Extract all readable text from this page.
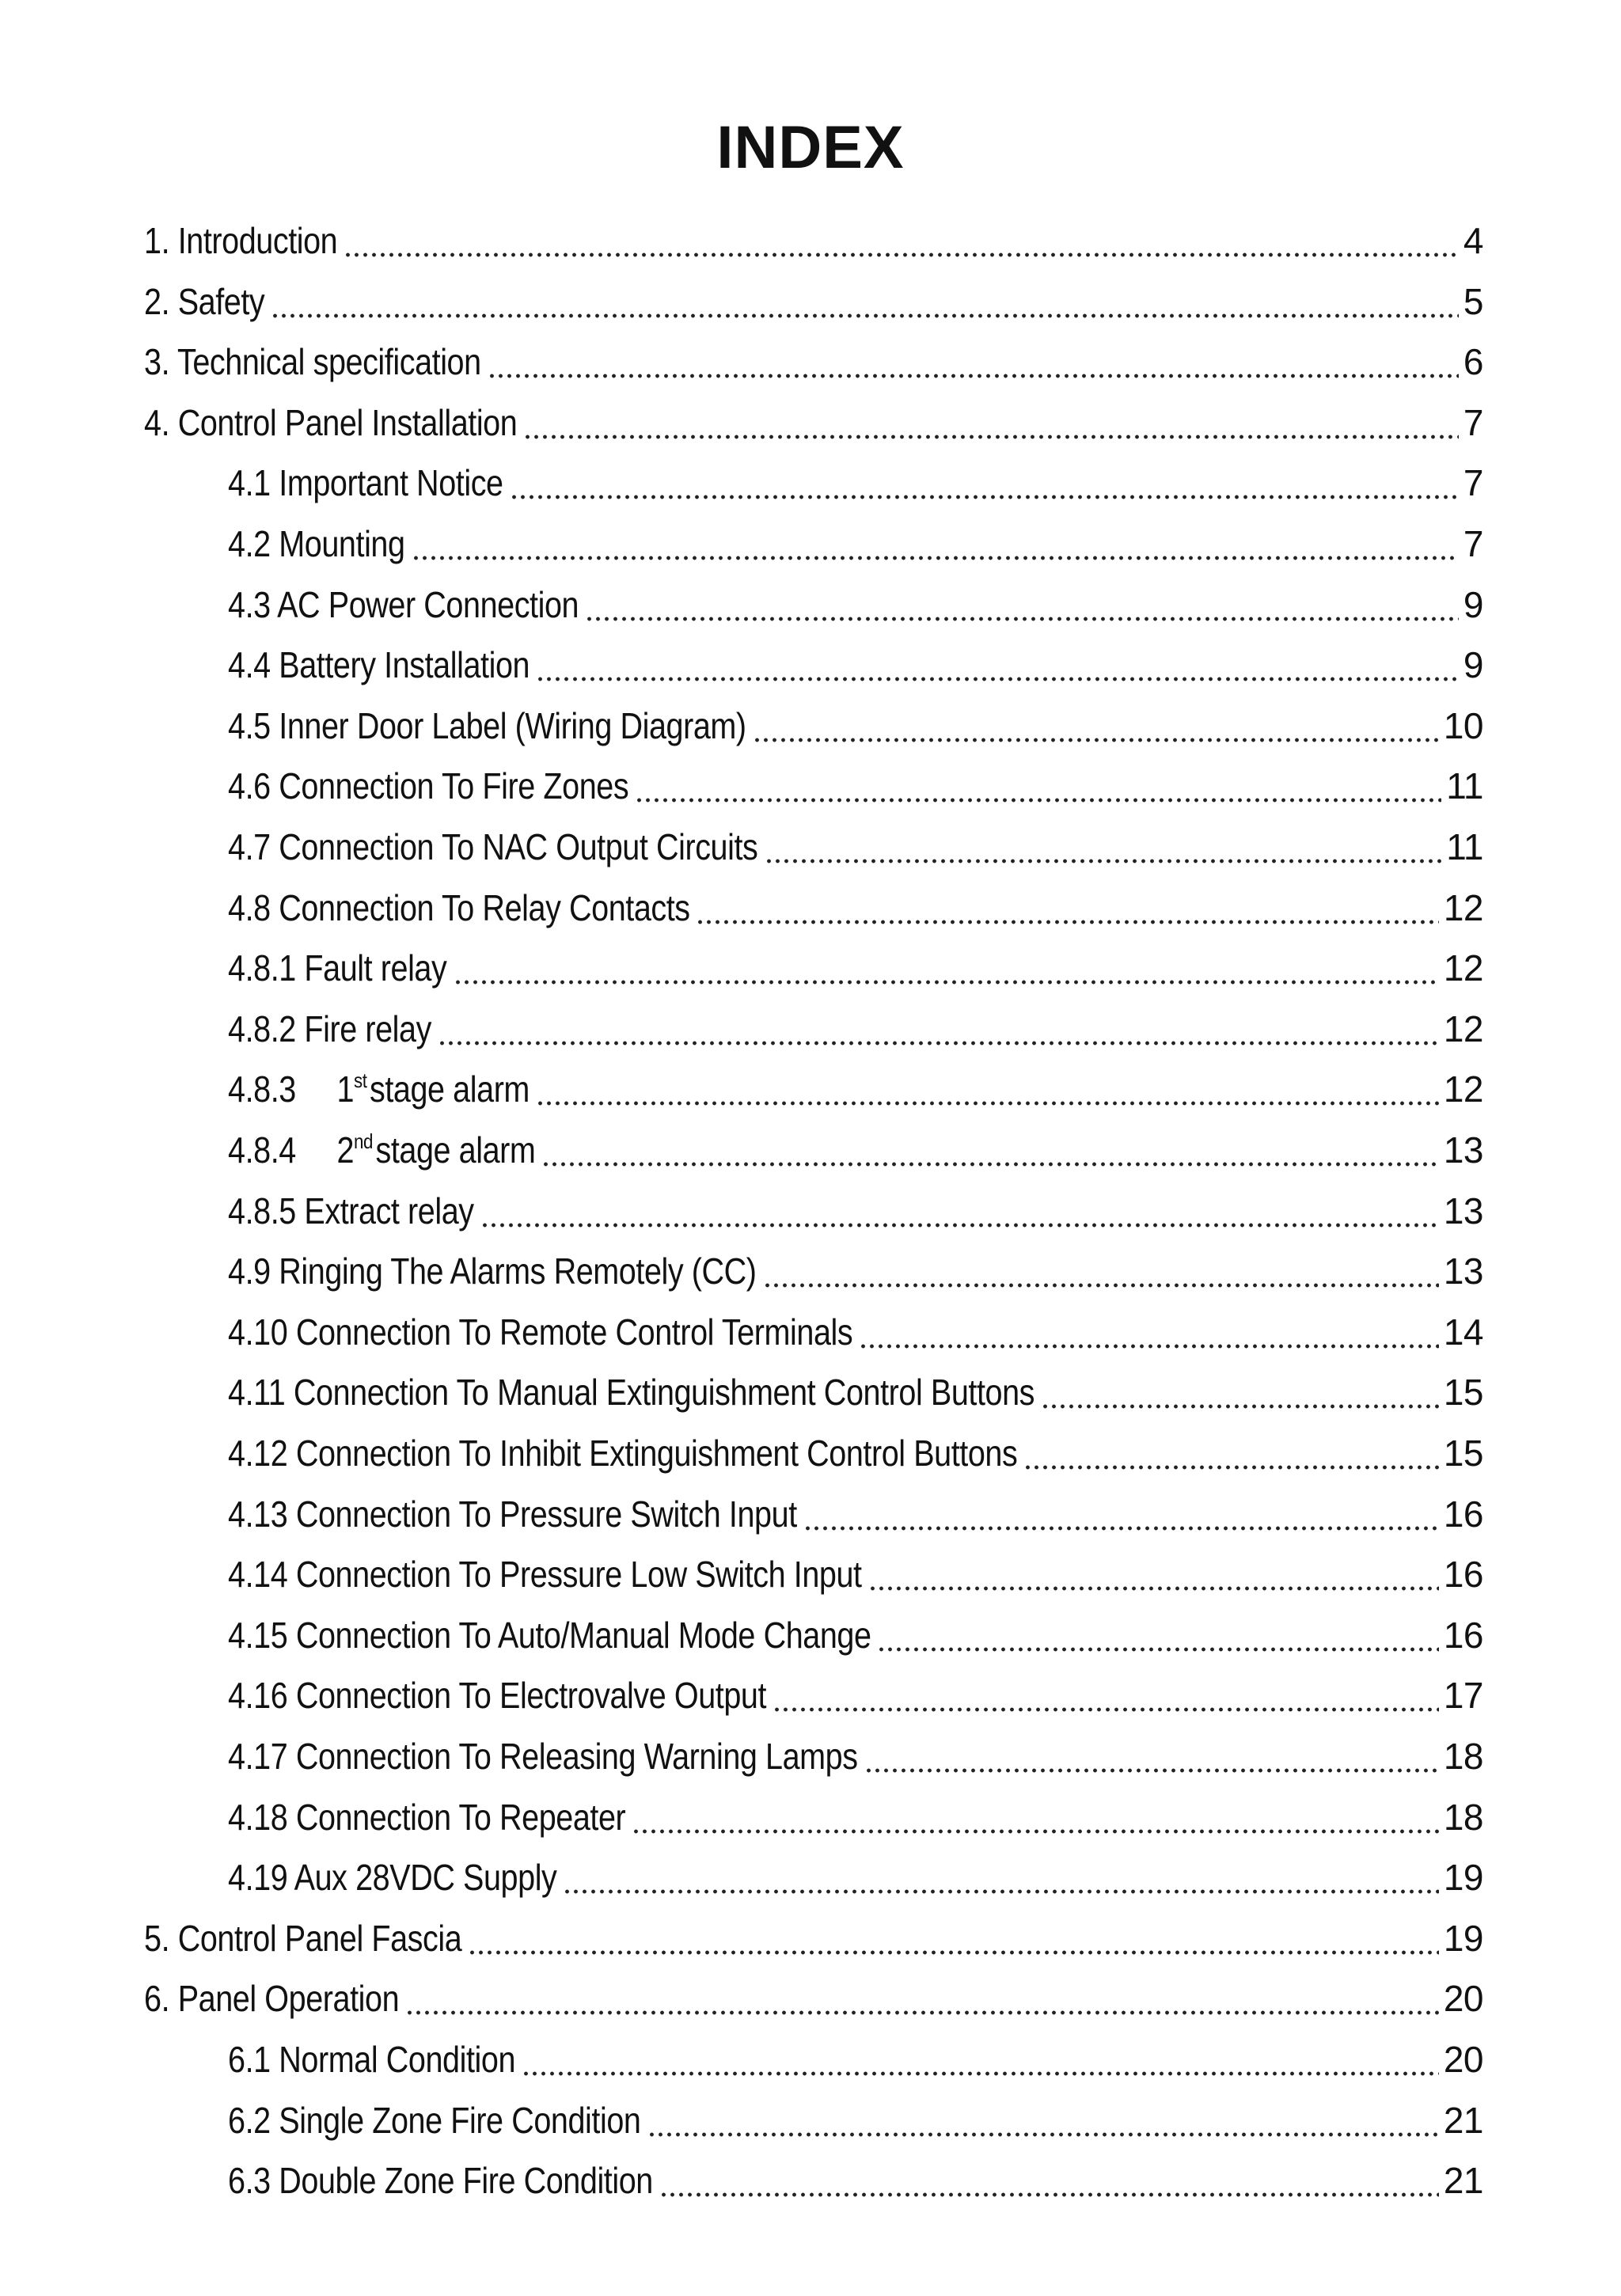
INDEX
1. Introduction	4
2. Safety	5
3. Technical specification	6
4. Control Panel Installation	7
4.1 Important Notice	7
4.2 Mounting	7
4.3 AC Power Connection	9
4.4 Battery Installation	9
4.5 Inner Door Label (Wiring Diagram)	10
4.6 Connection To Fire Zones	11
4.7 Connection To NAC Output Circuits	11
4.8 Connection To Relay Contacts	12
4.8.1 Fault relay	12
4.8.2 Fire relay	12
4.8.3 1ststage alarm	12
4.8.4 2ndstage alarm	13
4.8.5 Extract relay	13
4.9 Ringing The Alarms Remotely (CC)	13
4.10 Connection To Remote Control Terminals	14
4.11 Connection To Manual Extinguishment Control Buttons	15
4.12 Connection To Inhibit Extinguishment Control Buttons	15
4.13 Connection To Pressure Switch Input	16
4.14 Connection To Pressure Low Switch Input	16
4.15 Connection To Auto/Manual Mode Change	16
4.16 Connection To Electrovalve Output	17
4.17 Connection To Releasing Warning Lamps	18
4.18 Connection To Repeater	18
4.19 Aux 28VDC Supply	19
5. Control Panel Fascia	19
6. Panel Operation	20
6.1 Normal Condition	20
6.2 Single Zone Fire Condition	21
6.3 Double Zone Fire Condition	21
